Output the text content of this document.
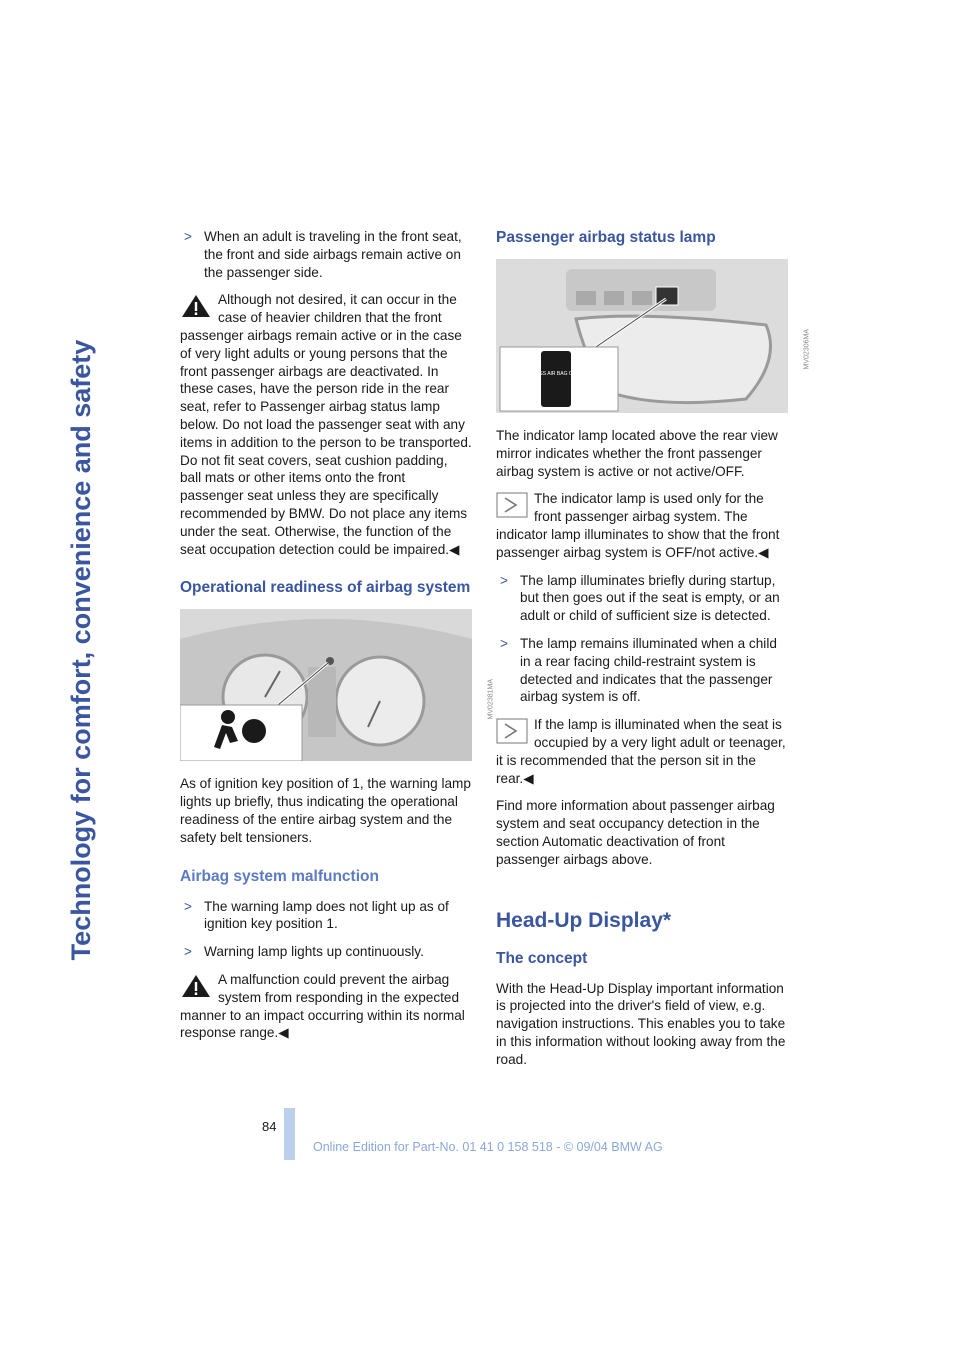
Technology for comfort, convenience and safety
> When an adult is traveling in the front seat, the front and side airbags remain active on the passenger side.
Although not desired, it can occur in the case of heavier children that the front passenger airbags remain active or in the case of very light adults or young persons that the front passenger airbags are deactivated. In these cases, have the person ride in the rear seat, refer to Passenger airbag status lamp below. Do not load the passenger seat with any items in addition to the person to be transported. Do not fit seat covers, seat cushion padding, ball mats or other items onto the front passenger seat unless they are specifically recommended by BMW. Do not place any items under the seat. Otherwise, the function of the seat occupation detection could be impaired.◀
Operational readiness of airbag system
MV02381MA

As of ignition key position of 1, the warning lamp lights up briefly, thus indicating the operational readiness of the entire airbag system and the safety belt tensioners.

Airbag system malfunction
> The warning lamp does not light up as of ignition key position 1.
> Warning lamp lights up continuously.
A malfunction could prevent the airbag system from responding in the expected manner to an impact occurring within its normal response range.◀
Passenger airbag status lamp
PASS AIR BAG OFF
MV02306MA

The indicator lamp located above the rear view mirror indicates whether the front passenger airbag system is active or not active/OFF.

The indicator lamp is used only for the front passenger airbag system. The indicator lamp illuminates to show that the front passenger airbag system is OFF/not active.◀
> The lamp illuminates briefly during startup, but then goes out if the seat is empty, or an adult or child of sufficient size is detected.
> The lamp remains illuminated when a child in a rear facing child-restraint system is detected and indicates that the passenger airbag system is off.
If the lamp is illuminated when the seat is occupied by a very light adult or teenager, it is recommended that the person sit in the rear.◀

Find more information about passenger airbag system and seat occupancy detection in the section Automatic deactivation of front passenger airbags above.

Head-Up Display*
The concept

With the Head-Up Display important information is projected into the driver's field of view, e.g. navigation instructions. This enables you to take in this information without looking away from the road.

84
Online Edition for Part-No. 01 41 0 158 518 - © 09/04 BMW AG
